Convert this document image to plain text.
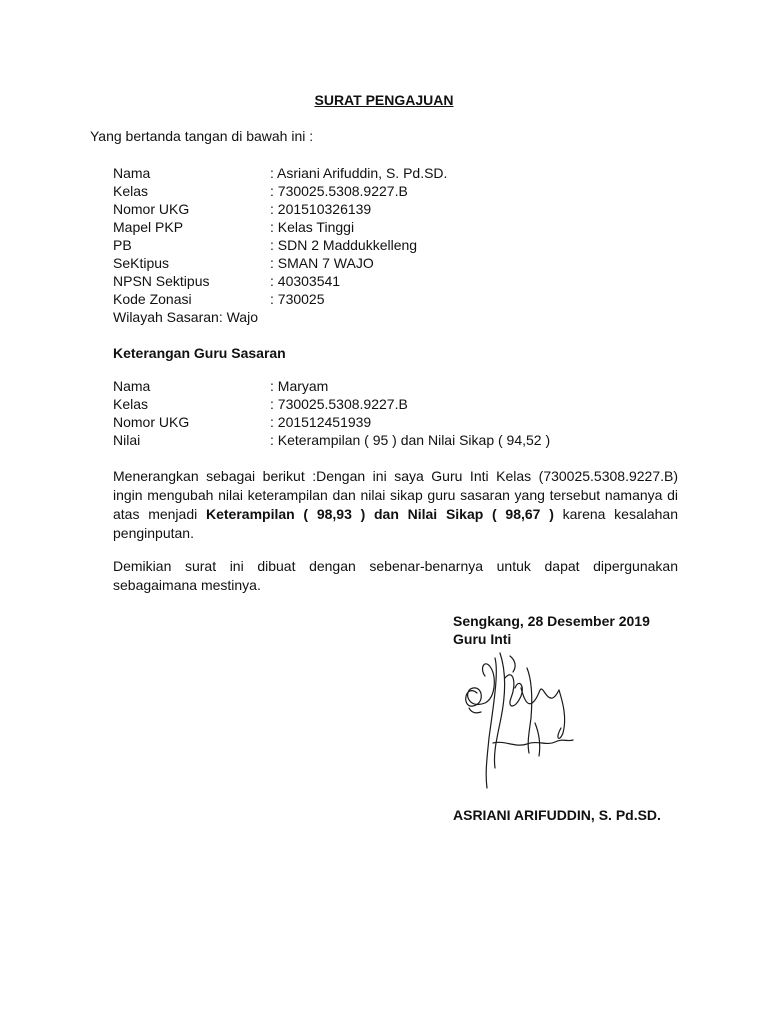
SURAT PENGAJUAN
Yang bertanda tangan di bawah ini :
Nama	: Asriani Arifuddin, S. Pd.SD.
Kelas	: 730025.5308.9227.B
Nomor UKG	: 201510326139
Mapel PKP	: Kelas Tinggi
PB	: SDN 2 Maddukkelleng
SeKtipus	: SMAN 7 WAJO
NPSN Sektipus	: 40303541
Kode Zonasi	: 730025
Wilayah Sasaran: Wajo
Keterangan Guru Sasaran
Nama	: Maryam
Kelas	: 730025.5308.9227.B
Nomor UKG	: 201512451939
Nilai	: Keterampilan ( 95 ) dan Nilai Sikap ( 94,52 )
Menerangkan sebagai berikut :Dengan ini saya Guru Inti Kelas (730025.5308.9227.B) ingin mengubah nilai keterampilan dan nilai sikap guru sasaran yang tersebut namanya di atas menjadi Keterampilan ( 98,93 ) dan Nilai Sikap ( 98,67 ) karena kesalahan penginputan.
Demikian surat ini dibuat dengan sebenar-benarnya untuk dapat dipergunakan sebagaimana mestinya.
Sengkang, 28 Desember 2019
Guru Inti
ASRIANI ARIFUDDIN, S. Pd.SD.
